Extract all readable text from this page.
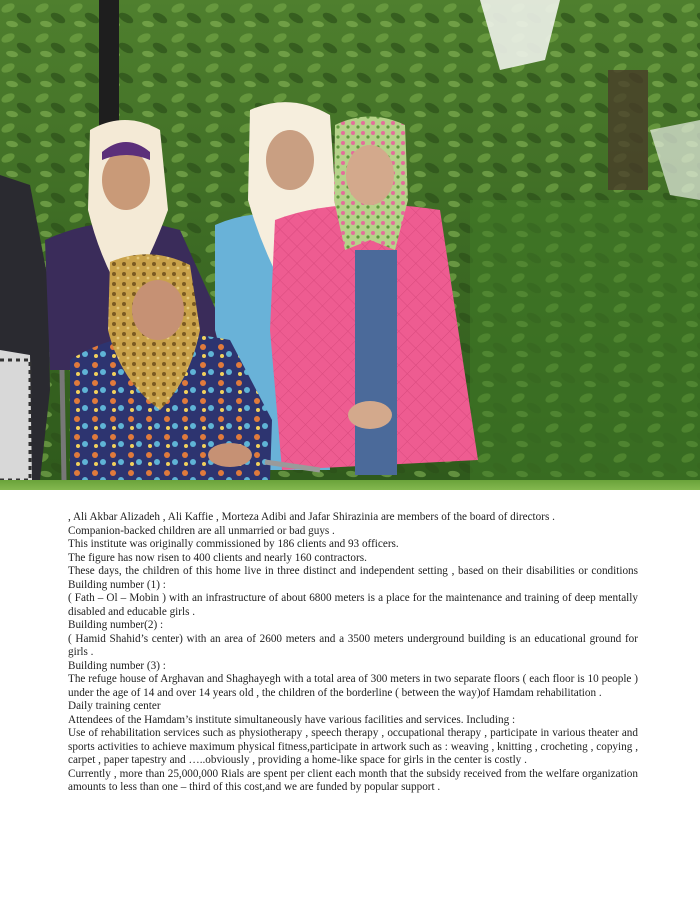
, Ali Akbar Alizadeh , Ali Kaffie , Morteza Adibi and Jafar Shirazinia are members of the board of directors .

Companion-backed children are all unmarried or bad guys .

This institute was originally commissioned by 186 clients and 93 officers.

The figure has now risen to 400 clients and nearly 160 contractors.

These days, the children of this home live in three distinct and independent setting , based on their disabilities or conditions Building number (1) :

( Fath – Ol – Mobin ) with an infrastructure of about 6800 meters is a place for the maintenance and training of deep mentally disabled and educable girls .

Building number(2) :

( Hamid Shahid’s center) with an area of 2600 meters and a 3500 meters underground building is an educational ground for girls .

Building number (3) :

The refuge house of Arghavan and Shaghayegh with a total area of 300 meters in two separate floors ( each floor is 10 people ) under the age of 14 and over 14 years old , the children of the borderline ( between the way)of Hamdam rehabilitation .

Daily training center

Attendees of the Hamdam’s institute simultaneously have various facilities and services. Including :

Use of rehabilitation services such as physiotherapy , speech therapy , occupational therapy , participate in various theater and sports activities to achieve maximum physical fitness,participate in artwork such as : weaving , knitting , crocheting , copying , carpet , paper tapestry and …..obviously , providing a home-like space for girls in the center is costly .

Currently , more than 25,000,000 Rials are spent per client each month that the subsidy received from the welfare organization amounts to less than one – third of this cost,and we are funded by popular support .
